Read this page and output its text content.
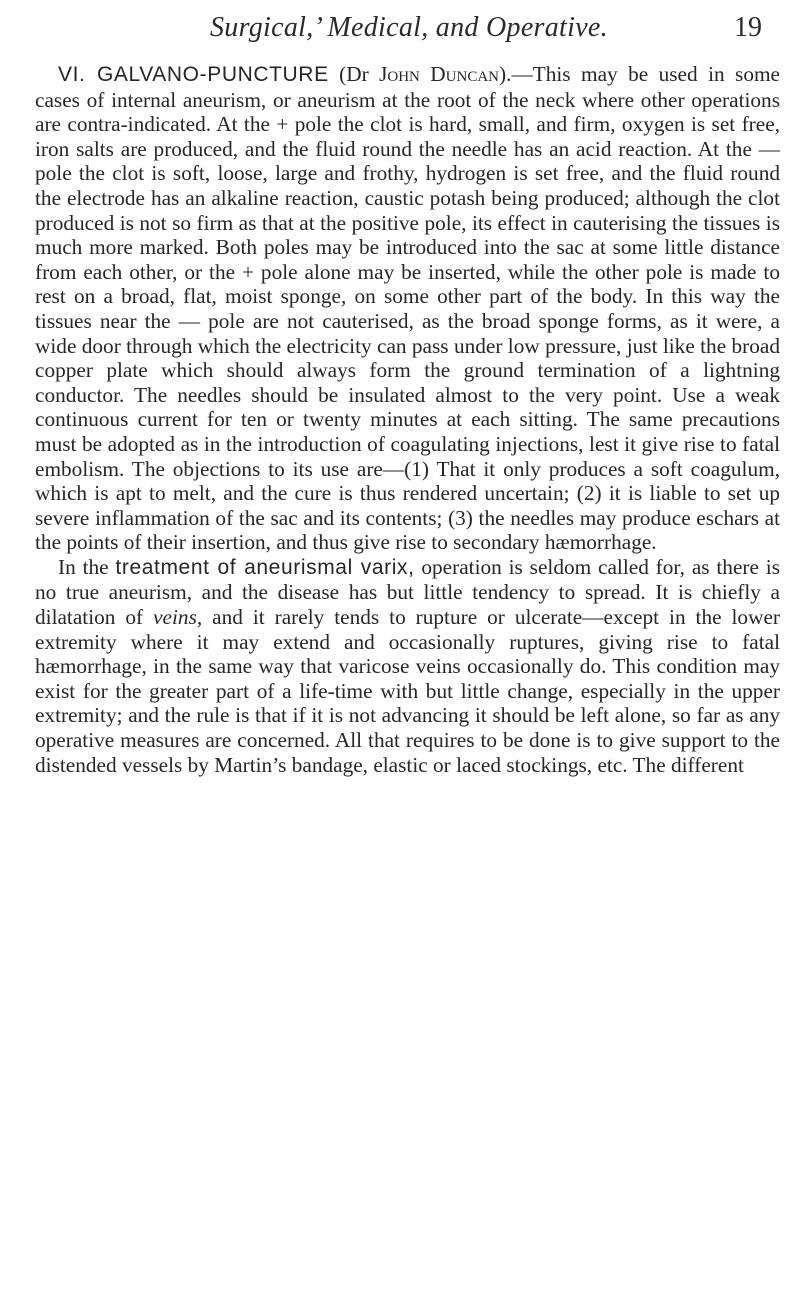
Surgical,’ Medical, and Operative.	19

VI. GALVANO-PUNCTURE (Dr John Duncan).—This may be used in some cases of internal aneurism, or aneurism at the root of the neck where other operations are contra-indicated. At the + pole the clot is hard, small, and firm, oxygen is set free, iron salts are produced, and the fluid round the needle has an acid reaction. At the — pole the clot is soft, loose, large and frothy, hydrogen is set free, and the fluid round the electrode has an alkaline reaction, caustic potash being produced; although the clot produced is not so firm as that at the positive pole, its effect in cauterising the tissues is much more marked. Both poles may be introduced into the sac at some little distance from each other, or the + pole alone may be inserted, while the other pole is made to rest on a broad, flat, moist sponge, on some other part of the body. In this way the tissues near the — pole are not cauterised, as the broad sponge forms, as it were, a wide door through which the electricity can pass under low pressure, just like the broad copper plate which should always form the ground termination of a lightning conductor. The needles should be insulated almost to the very point. Use a weak continuous current for ten or twenty minutes at each sitting. The same precautions must be adopted as in the introduction of coagulating injections, lest it give rise to fatal embolism. The objections to its use are—(1) That it only produces a soft coagulum, which is apt to melt, and the cure is thus rendered uncertain; (2) it is liable to set up severe inflammation of the sac and its contents; (3) the needles may produce eschars at the points of their insertion, and thus give rise to secondary hæmorrhage.

In the treatment of aneurismal varix, operation is seldom called for, as there is no true aneurism, and the disease has but little tendency to spread. It is chiefly a dilatation of veins, and it rarely tends to rupture or ulcerate—except in the lower extremity where it may extend and occasionally ruptures, giving rise to fatal hæmorrhage, in the same way that varicose veins occasionally do. This condition may exist for the greater part of a life-time with but little change, especially in the upper extremity; and the rule is that if it is not advancing it should be left alone, so far as any operative measures are concerned. All that requires to be done is to give support to the distended vessels by Martin’s bandage, elastic or laced stockings, etc. The different
